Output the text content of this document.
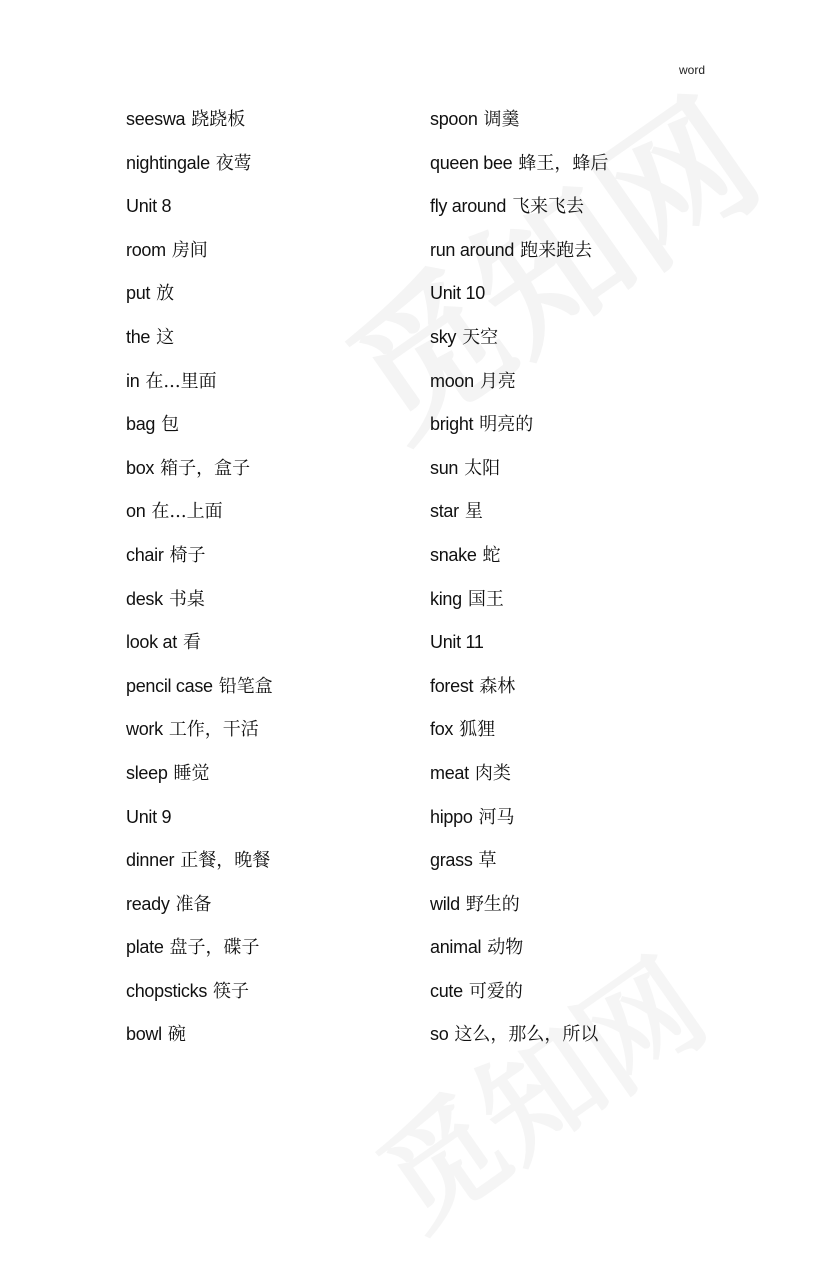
word
seeswa 跷跷板
nightingale 夜莺
Unit 8
room 房间
put 放
the 这
in 在...里面
bag 包
box 箱子，盒子
on 在...上面
chair 椅子
desk 书桌
look at 看
pencil case 铅笔盒
work 工作，干活
sleep 睡觉
Unit 9
dinner 正餐，晚餐
ready 准备
plate 盘子，碟子
chopsticks 筷子
bowl 碗
spoon 调羹
queen bee 蜂王，蜂后
fly around 飞来飞去
run around 跑来跑去
Unit 10
sky 天空
moon 月亮
bright 明亮的
sun 太阳
star 星
snake 蛇
king 国王
Unit 11
forest 森林
fox 狐狸
meat 肉类
hippo 河马
grass 草
wild 野生的
animal 动物
cute 可爱的
so 这么，那么，所以
